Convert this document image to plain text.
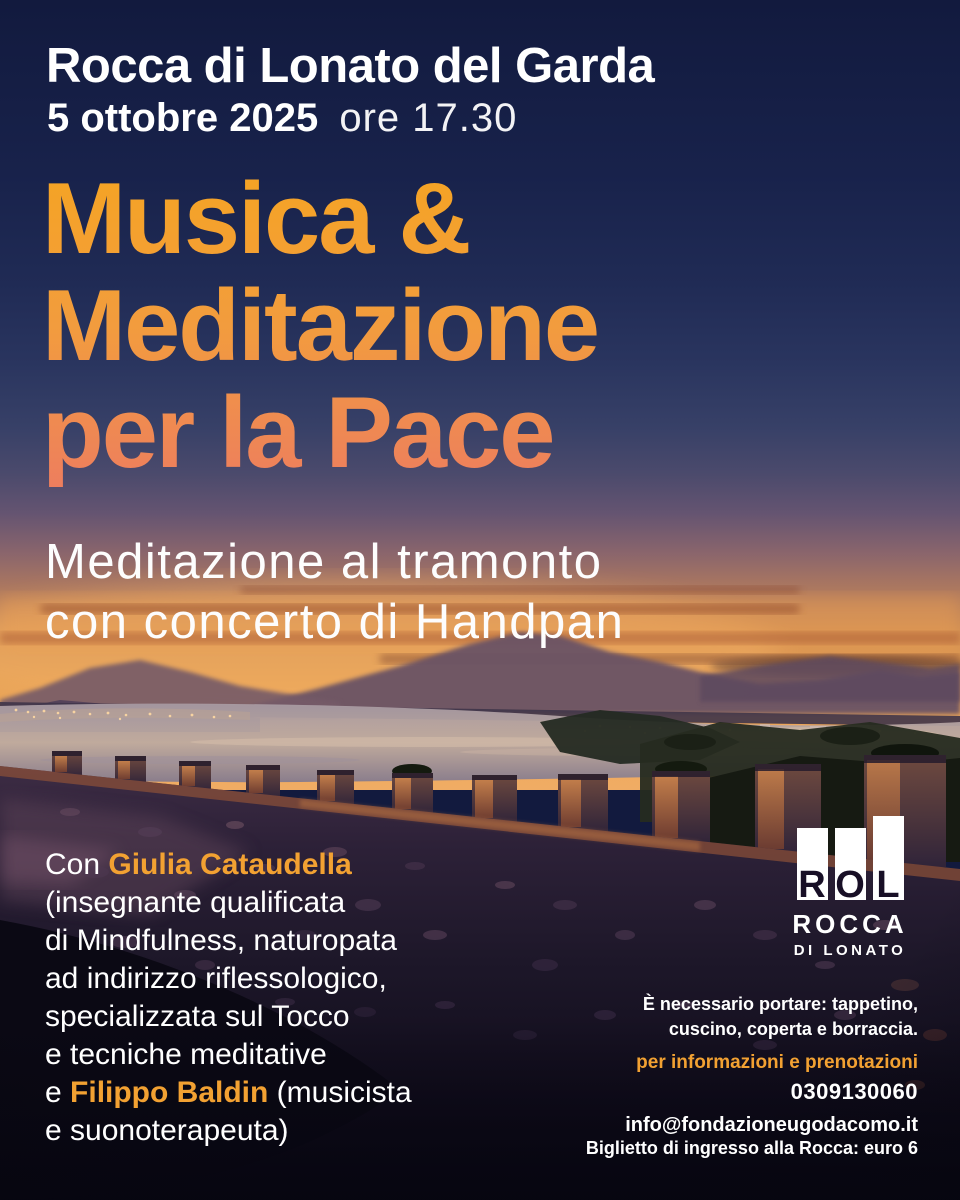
Rocca di Lonato del Garda
5 ottobre 2025 ore 17.30
Musica &
Meditazione
per la Pace
Meditazione al tramonto
con concerto di Handpan
Con Giulia Cataudella
(insegnante qualificata
di Mindfulness, naturopata
ad indirizzo riflessologico,
specializzata sul Tocco
e tecniche meditative
e Filippo Baldin (musicista
e suonoterapeuta)
R O L
ROCCA
DI LONATO
È necessario portare: tappetino,
cuscino, coperta e borraccia.
per informazioni e prenotazioni
0309130060
info@fondazioneugodacomo.it
Biglietto di ingresso alla Rocca: euro 6
